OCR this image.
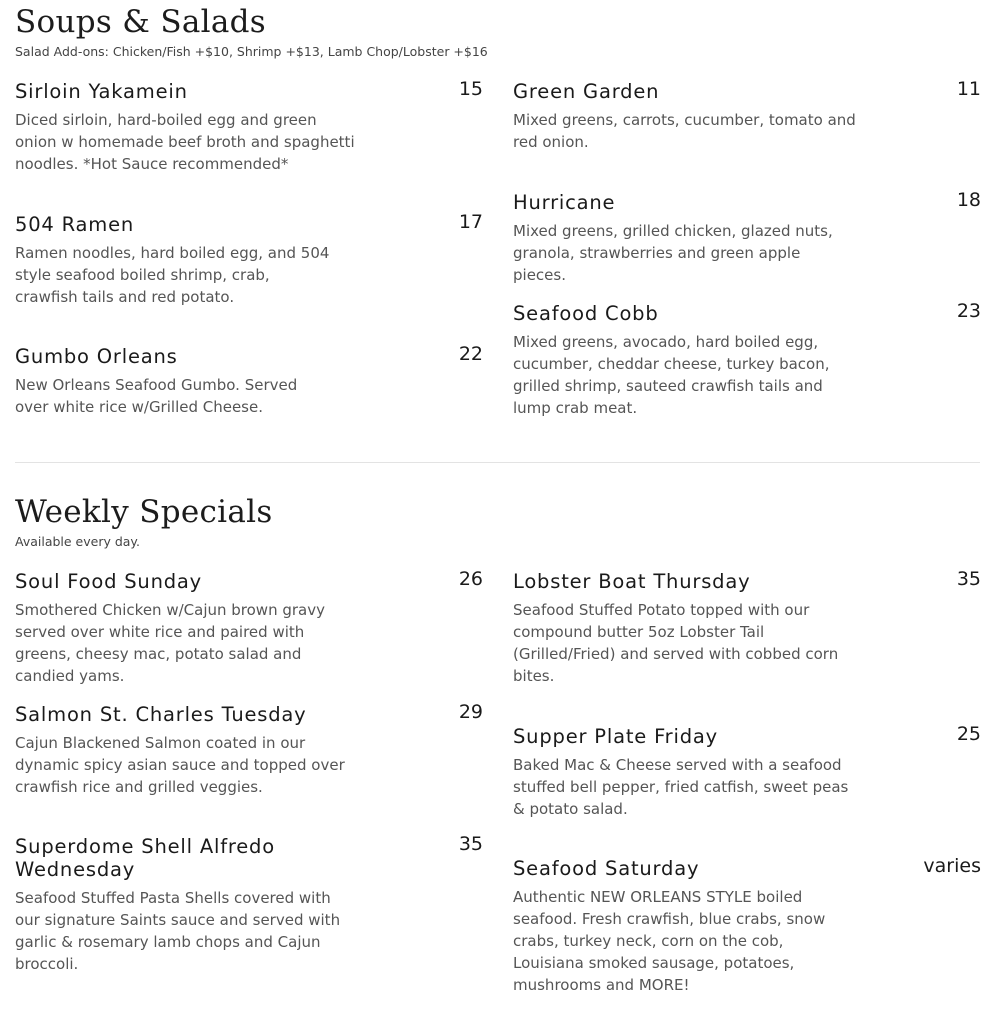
Soups & Salads
Salad Add-ons: Chicken/Fish +$10, Shrimp +$13, Lamb Chop/Lobster +$16
Sirloin Yakamein	15
Diced sirloin, hard-boiled egg and green onion w homemade beef broth and spaghetti noodles. *Hot Sauce recommended*
504 Ramen	17
Ramen noodles, hard boiled egg, and 504 style seafood boiled shrimp, crab, crawfish tails and red potato.
Gumbo Orleans	22
New Orleans Seafood Gumbo. Served over white rice w/Grilled Cheese.
Green Garden	11
Mixed greens, carrots, cucumber, tomato and red onion.
Hurricane	18
Mixed greens, grilled chicken, glazed nuts, granola, strawberries and green apple pieces.
Seafood Cobb	23
Mixed greens, avocado, hard boiled egg, cucumber, cheddar cheese, turkey bacon, grilled shrimp, sauteed crawfish tails and lump crab meat.
Weekly Specials
Available every day.
Soul Food Sunday	26
Smothered Chicken w/Cajun brown gravy served over white rice and paired with greens, cheesy mac, potato salad and candied yams.
Salmon St. Charles Tuesday	29
Cajun Blackened Salmon coated in our dynamic spicy asian sauce and topped over crawfish rice and grilled veggies.
Superdome Shell Alfredo Wednesday
35
Seafood Stuffed Pasta Shells covered with our signature Saints sauce and served with garlic & rosemary lamb chops and Cajun broccoli.
Lobster Boat Thursday	35
Seafood Stuffed Potato topped with our compound butter 5oz Lobster Tail (Grilled/Fried) and served with cobbed corn bites.
Supper Plate Friday	25
Baked Mac & Cheese served with a seafood stuffed bell pepper, fried catfish, sweet peas & potato salad.
Seafood Saturday	varies
Authentic NEW ORLEANS STYLE boiled seafood. Fresh crawfish, blue crabs, snow crabs, turkey neck, corn on the cob, Louisiana smoked sausage, potatoes, mushrooms and MORE!
